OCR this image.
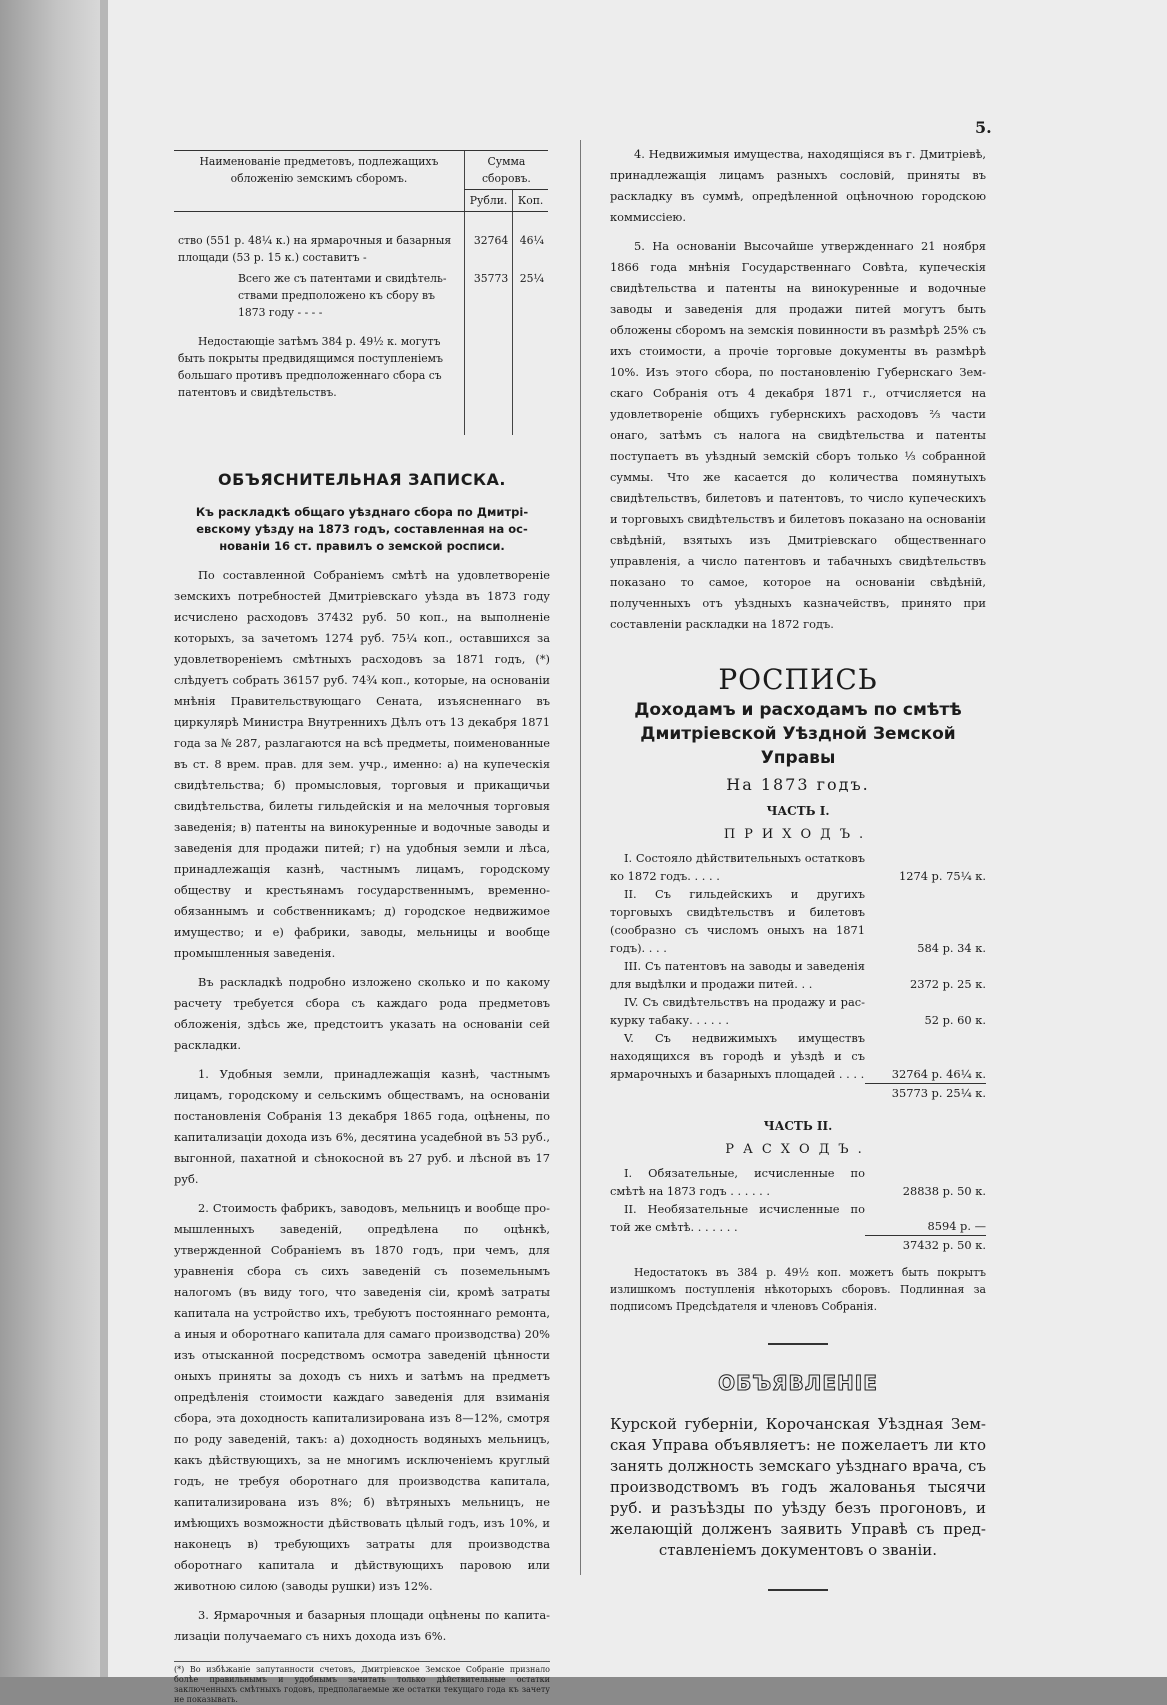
5.
Наименованіе предметовъ, подлежащихъ обложенію земскимъ сборомъ.	Сумма сборовъ.	
	Рубли.	Коп.

ство (551 р. 48¼ к.) на ярмарочныя и базарныя площади (53 р. 15 к.) составитъ -	32764	46¼
Всего же съ патентами и свидѣтельствами предположено къ сбору въ 1873 году - - - -	35773	25¼
Недостающіе затѣмъ 384 р. 49½ к. могутъ быть покрыты предвидящимся поступленіемъ большаго противъ предположеннаго сбора съ патентовъ и свидѣтельствъ.		
ОБЪЯСНИТЕЛЬНАЯ ЗАПИСКА.
Къ раскладкѣ общаго уѣзднаго сбора по Дмитріевскому уѣзду на 1873 годъ, составленная на основаніи 16 ст. правилъ о земской росписи.

По составленной Собраніемъ смѣтѣ на удовлетвореніе земскихъ потребностей Дмитріевскаго уѣзда въ 1873 году исчислено расходовъ 37432 руб. 50 коп., на выполненіе которыхъ, за зачетомъ 1274 руб. 75¼ коп., оставшихся за удовлетвореніемъ смѣтныхъ расходовъ за 1871 годъ, (*) слѣдуетъ собрать 36157 руб. 74¾ коп., которые, на основаніи мнѣнія Правительствующаго Сената, изъясненнаго въ циркулярѣ Министра Внутреннихъ Дѣлъ отъ 13 декабря 1871 года за № 287, разлагаются на всѣ предметы, поименованные въ ст. 8 врем. прав. для зем. учр., именно: а) на купеческія свидѣтельства; б) промысловыя, торговыя и прикащичьи свидѣтельства, билеты гильдейскія и на мелочныя торговыя заведенія; в) патенты на винокуренные и водочные заводы и заведенія для продажи питей; г) на удобныя земли и лѣса, принадлежащія казнѣ, частнымъ лицамъ, городскому обществу и крестьянамъ государственнымъ, временно-обязаннымъ и собственникамъ; д) городское недвижимое имущество; и е) фабрики, заводы, мельницы и вообще промышленныя заведенія.

Въ раскладкѣ подробно изложено сколько и по какому расчету требуется сбора съ каждаго рода предметовъ обложенія, здѣсь же, предстоитъ указать на основаніи сей раскладки.

1. Удобныя земли, принадлежащія казнѣ, частнымъ лицамъ, городскому и сельскимъ обществамъ, на основаніи постановленія Собранія 13 декабря 1865 года, оцѣнены, по капитализаціи дохода изъ 6%, десятина усадебной въ 53 руб., выгонной, пахатной и сѣнокосной въ 27 руб. и лѣсной въ 17 руб.

2. Стоимость фабрикъ, заводовъ, мельницъ и вообще промышленныхъ заведеній, опредѣлена по оцѣнкѣ, утвержденной Собраніемъ въ 1870 годъ, при чемъ, для уравненія сбора съ сихъ заведеній съ поземельнымъ налогомъ (въ виду того, что заведенія сіи, кромѣ затраты капитала на устройство ихъ, требуютъ постояннаго ремонта, а иныя и оборотнаго капитала для самаго производства) 20% изъ отысканной посредствомъ осмотра заведеній цѣнности оныхъ приняты за доходъ съ нихъ и затѣмъ на предметъ опредѣленія стоимости каждаго заведенія для взиманія сбора, эта доходность капитализирована изъ 8—12%, смотря по роду заведеній, такъ: а) доходность водяныхъ мельницъ, какъ дѣйствующихъ, за не многимъ исключеніемъ круглый годъ, не требуя оборотнаго для производства капитала, капитализирована изъ 8%; б) вѣтряныхъ мельницъ, не имѣющихъ возможности дѣйствовать цѣлый годъ, изъ 10%, и наконецъ в) требующихъ затраты для производства оборотнаго капитала и дѣйствующихъ паровою или животною силою (заводы рушки) изъ 12%.

3. Ярмарочныя и базарныя площади оцѣнены по капитализаціи получаемаго съ нихъ дохода изъ 6%.

(*) Во избѣжаніе запутанности счетовъ, Дмитріевское Земское Собраніе признало болѣе правильнымъ и удобнымъ зачитать только дѣйствительные остатки заключенныхъ смѣтныхъ годовъ, предполагаемые же остатки текущаго года къ зачету не показывать.

4. Недвижимыя имущества, находящіяся въ г. Дмитріевѣ, принадлежащія лицамъ разныхъ сословій, приняты въ раскладку въ суммѣ, опредѣленной оцѣночною городскою коммиссіею.

5. На основаніи Высочайше утвержденнаго 21 ноября 1866 года мнѣнія Государственнаго Совѣта, купеческія свидѣтельства и патенты на винокуренные и водочные заводы и заведенія для продажи питей могутъ быть обложены сборомъ на земскія повинности въ размѣрѣ 25% съ ихъ стоимости, а прочіе торговые документы въ размѣрѣ 10%. Изъ этого сбора, по постановленію Губернскаго Земскаго Собранія отъ 4 декабря 1871 г., отчисляется на удовлетвореніе общихъ губернскихъ расходовъ ⅔ части онаго, затѣмъ съ налога на свидѣтельства и патенты поступаетъ въ уѣздный земскій сборъ только ⅓ собранной суммы. Что же касается до количества помянутыхъ свидѣтельствъ, билетовъ и патентовъ, то число купеческихъ и торговыхъ свидѣтельствъ и билетовъ показано на основаніи свѣдѣній, взятыхъ изъ Дмитріевскаго общественнаго управленія, а число патентовъ и табачныхъ свидѣтельствъ показано то самое, которое на основаніи свѣдѣній, полученныхъ отъ уѣздныхъ казначействъ, принято при составленіи раскладки на 1872 годъ.

РОСПИСЬ
Доходамъ и расходамъ по смѣтѣ Дмитріевской Уѣздной Земской Управы
На 1873 годъ.
ЧАСТЬ I.
ПРИХОДЪ.
I. Состояло дѣйствительныхъ остатковъ ко 1872 годъ. . . . .	1274 р. 75¼ к.
II. Съ гильдейскихъ и другихъ торговыхъ свидѣтельствъ и билетовъ (сообразно съ числомъ оныхъ на 1871 годъ). . . .	584 р. 34 к.
III. Съ патентовъ на заводы и заведенія для выдѣлки и продажи питей. . .	2372 р. 25 к.
IV. Съ свидѣтельствъ на продажу и раскурку табаку. . . . . .	52 р. 60 к.
V. Съ недвижимыхъ имуществъ находящихся въ городѣ и уѣздѣ и съ ярмарочныхъ и базарныхъ площадей . . . .	32764 р. 46¼ к.
	35773 р. 25¼ к.
ЧАСТЬ II.
РАСХОДЪ.
I. Обязательные, исчисленные по смѣтѣ на 1873 годъ . . . . . .	28838 р. 50 к.
II. Необязательные исчисленные по той же смѣтѣ. . . . . . .	8594 р. —
	37432 р. 50 к.

Недостатокъ въ 384 р. 49½ коп. можетъ быть покрытъ излишкомъ поступленія нѣкоторыхъ сборовъ. Подлинная за подписомъ Предсѣдателя и членовъ Собранія.

ОБЪЯВЛЕНІЕ
Курской губерніи, Корочанская Уѣздная Земская Управа объявляетъ: не пожелаетъ ли кто занять должность земскаго уѣзднаго врача, съ производствомъ въ годъ жалованья тысячи руб. и разъѣзды по уѣзду безъ прогоновъ, и желающій долженъ заявить Управѣ съ представленіемъ документовъ о званіи.
